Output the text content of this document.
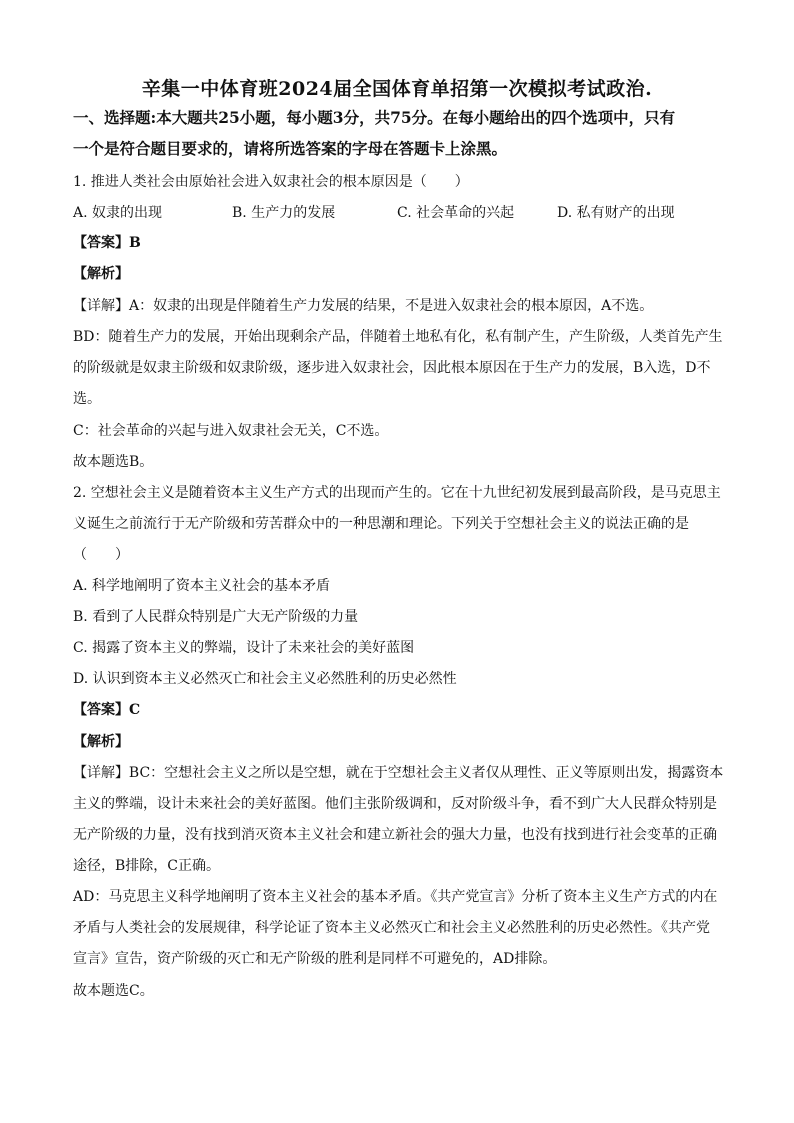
辛集一中体育班2024届全国体育单招第一次模拟考试政治.
一、选择题:本大题共25小题，每小题3分，共75分。在每小题给出的四个选项中，只有
一个是符合题目要求的，请将所选答案的字母在答题卡上涂黑。
1. 推进人类社会由原始社会进入奴隶社会的根本原因是（　　）
A. 奴隶的出现	B. 生产力的发展	C. 社会革命的兴起	D. 私有财产的出现
【答案】B
【解析】
【详解】A：奴隶的出现是伴随着生产力发展的结果，不是进入奴隶社会的根本原因，A不选。
BD：随着生产力的发展，开始出现剩余产品，伴随着土地私有化，私有制产生，产生阶级，人类首先产生
的阶级就是奴隶主阶级和奴隶阶级，逐步进入奴隶社会，因此根本原因在于生产力的发展，B入选，D不
选。
C：社会革命的兴起与进入奴隶社会无关，C不选。
故本题选B。
2. 空想社会主义是随着资本主义生产方式的出现而产生的。它在十九世纪初发展到最高阶段，是马克思主
义诞生之前流行于无产阶级和劳苦群众中的一种思潮和理论。下列关于空想社会主义的说法正确的是
（　　）
A. 科学地阐明了资本主义社会的基本矛盾
B. 看到了人民群众特别是广大无产阶级的力量
C. 揭露了资本主义的弊端，设计了未来社会的美好蓝图
D. 认识到资本主义必然灭亡和社会主义必然胜利的历史必然性
【答案】C
【解析】
【详解】BC：空想社会主义之所以是空想，就在于空想社会主义者仅从理性、正义等原则出发，揭露资本
主义的弊端，设计未来社会的美好蓝图。他们主张阶级调和，反对阶级斗争，看不到广大人民群众特别是
无产阶级的力量，没有找到消灭资本主义社会和建立新社会的强大力量，也没有找到进行社会变革的正确
途径，B排除，C正确。
AD：马克思主义科学地阐明了资本主义社会的基本矛盾。《共产党宣言》分析了资本主义生产方式的内在
矛盾与人类社会的发展规律，科学论证了资本主义必然灭亡和社会主义必然胜利的历史必然性。《共产党
宣言》宣告，资产阶级的灭亡和无产阶级的胜利是同样不可避免的，AD排除。
故本题选C。
